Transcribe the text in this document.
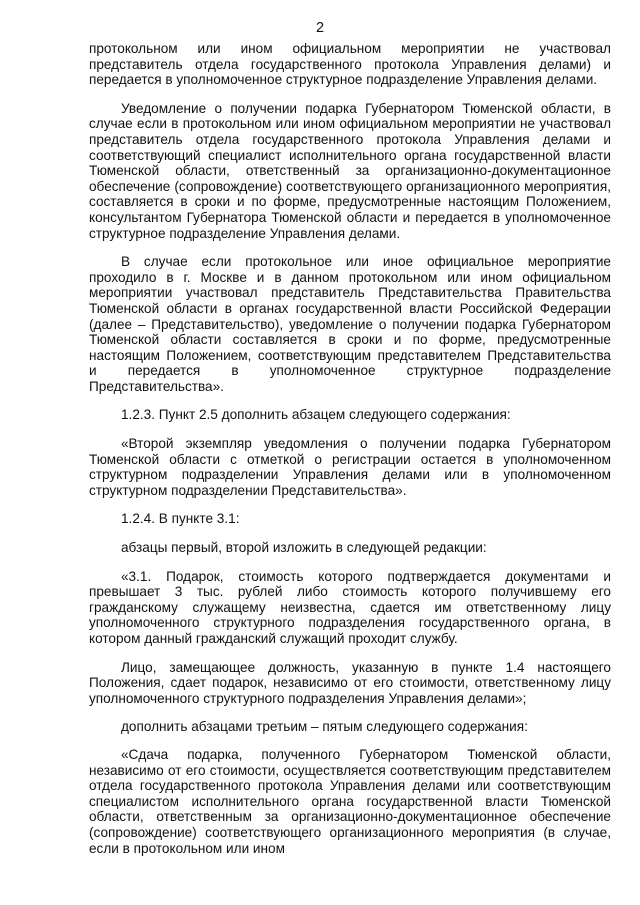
2

протокольном или ином официальном мероприятии не участвовал представитель отдела государственного протокола Управления делами) и передается в уполномоченное структурное подразделение Управления делами.

Уведомление о получении подарка Губернатором Тюменской области, в случае если в протокольном или ином официальном мероприятии не участвовал представитель отдела государственного протокола Управления делами и соответствующий специалист исполнительного органа государственной власти Тюменской области, ответственный за организационно-документационное обеспечение (сопровождение) соответствующего организационного мероприятия, составляется в сроки и по форме, предусмотренные настоящим Положением, консультантом Губернатора Тюменской области и передается в уполномоченное структурное подразделение Управления делами.

В случае если протокольное или иное официальное мероприятие проходило в г. Москве и в данном протокольном или ином официальном мероприятии участвовал представитель Представительства Правительства Тюменской области в органах государственной власти Российской Федерации (далее – Представительство), уведомление о получении подарка Губернатором Тюменской области составляется в сроки и по форме, предусмотренные настоящим Положением, соответствующим представителем Представительства и передается в уполномоченное структурное подразделение Представительства».

1.2.3. Пункт 2.5 дополнить абзацем следующего содержания:

«Второй экземпляр уведомления о получении подарка Губернатором Тюменской области с отметкой о регистрации остается в уполномоченном структурном подразделении Управления делами или в уполномоченном структурном подразделении Представительства».

1.2.4. В пункте 3.1:

абзацы первый, второй изложить в следующей редакции:

«3.1. Подарок, стоимость которого подтверждается документами и превышает 3 тыс. рублей либо стоимость которого получившему его гражданскому служащему неизвестна, сдается им ответственному лицу уполномоченного структурного подразделения государственного органа, в котором данный гражданский служащий проходит службу.

Лицо, замещающее должность, указанную в пункте 1.4 настоящего Положения, сдает подарок, независимо от его стоимости, ответственному лицу уполномоченного структурного подразделения Управления делами»;

дополнить абзацами третьим – пятым следующего содержания:

«Сдача подарка, полученного Губернатором Тюменской области, независимо от его стоимости, осуществляется соответствующим представителем отдела государственного протокола Управления делами или соответствующим специалистом исполнительного органа государственной власти Тюменской области, ответственным за организационно-документационное обеспечение (сопровождение) соответствующего организационного мероприятия (в случае, если в протокольном или ином
